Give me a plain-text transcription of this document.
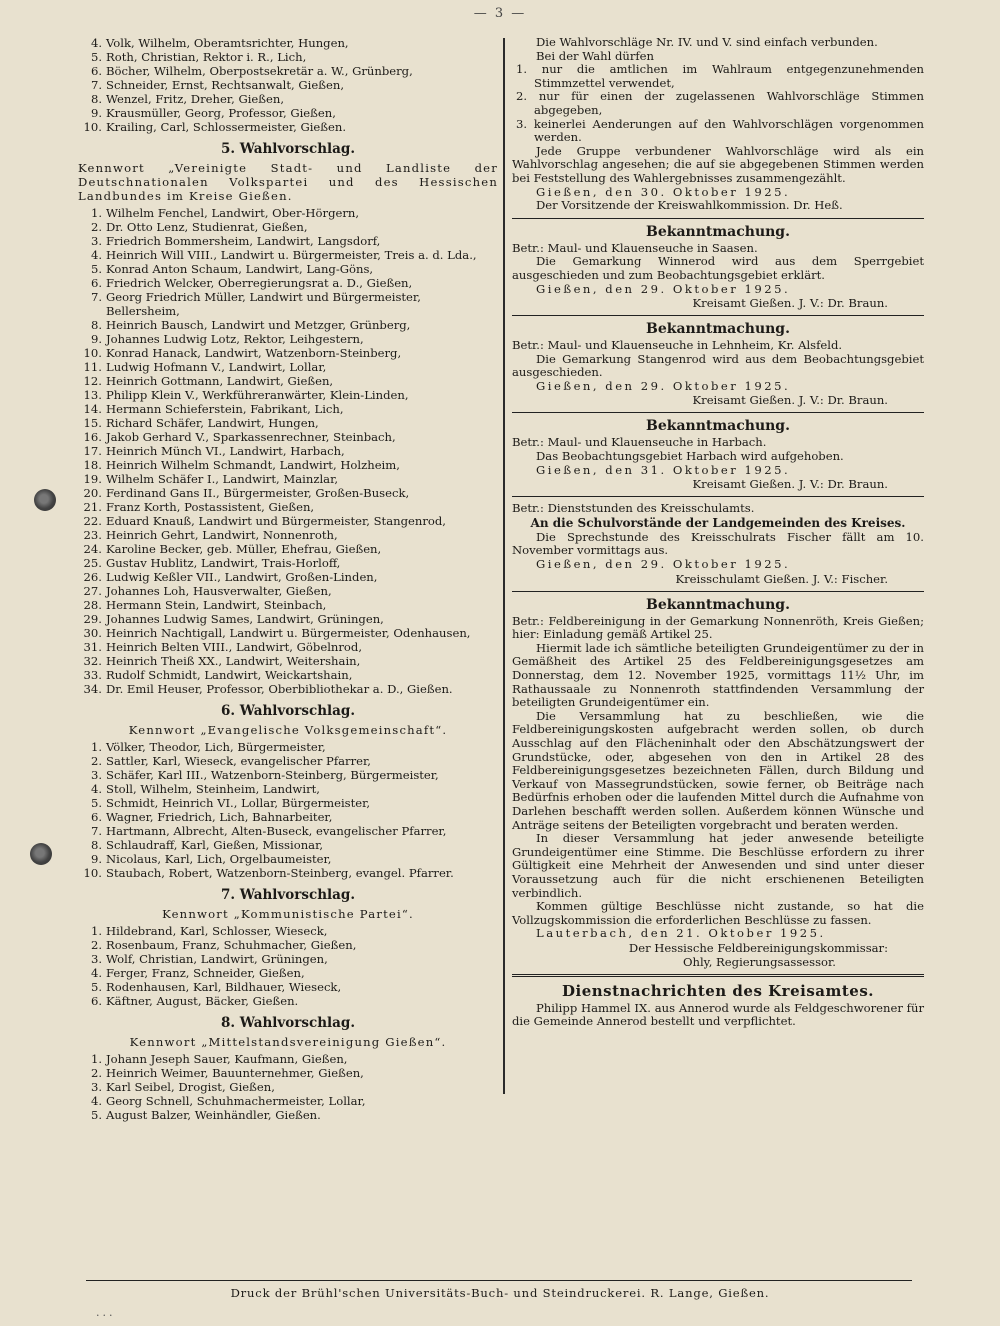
— 3 —
4. Volk, Wilhelm, Oberamtsrichter, Hungen,
5. Roth, Christian, Rektor i. R., Lich,
6. Böcher, Wilhelm, Oberpostsekretär a. W., Grünberg,
7. Schneider, Ernst, Rechtsanwalt, Gießen,
8. Wenzel, Fritz, Dreher, Gießen,
9. Krausmüller, Georg, Professor, Gießen,
10. Krailing, Carl, Schlossermeister, Gießen.
5. Wahlvorschlag.
Kennwort „Vereinigte Stadt- und Landliste der Deutschnationalen Volkspartei und des Hessischen Landbundes im Kreise Gießen.
1. Wilhelm Fenchel, Landwirt, Ober-Hörgern,
2. Dr. Otto Lenz, Studienrat, Gießen,
3. Friedrich Bommersheim, Landwirt, Langsdorf,
4. Heinrich Will VIII., Landwirt u. Bürgermeister, Treis a. d. Lda.,
5. Konrad Anton Schaum, Landwirt, Lang-Göns,
6. Friedrich Welcker, Oberregierungsrat a. D., Gießen,
7. Georg Friedrich Müller, Landwirt und Bürgermeister, Bellersheim,
8. Heinrich Bausch, Landwirt und Metzger, Grünberg,
9. Johannes Ludwig Lotz, Rektor, Leihgestern,
10. Konrad Hanack, Landwirt, Watzenborn-Steinberg,
11. Ludwig Hofmann V., Landwirt, Lollar,
12. Heinrich Gottmann, Landwirt, Gießen,
13. Philipp Klein V., Werkführeranwärter, Klein-Linden,
14. Hermann Schieferstein, Fabrikant, Lich,
15. Richard Schäfer, Landwirt, Hungen,
16. Jakob Gerhard V., Sparkassenrechner, Steinbach,
17. Heinrich Münch VI., Landwirt, Harbach,
18. Heinrich Wilhelm Schmandt, Landwirt, Holzheim,
19. Wilhelm Schäfer I., Landwirt, Mainzlar,
20. Ferdinand Gans II., Bürgermeister, Großen-Buseck,
21. Franz Korth, Postassistent, Gießen,
22. Eduard Knauß, Landwirt und Bürgermeister, Stangenrod,
23. Heinrich Gehrt, Landwirt, Nonnenroth,
24. Karoline Becker, geb. Müller, Ehefrau, Gießen,
25. Gustav Hublitz, Landwirt, Trais-Horloff,
26. Ludwig Keßler VII., Landwirt, Großen-Linden,
27. Johannes Loh, Hausverwalter, Gießen,
28. Hermann Stein, Landwirt, Steinbach,
29. Johannes Ludwig Sames, Landwirt, Grüningen,
30. Heinrich Nachtigall, Landwirt u. Bürgermeister, Odenhausen,
31. Heinrich Belten VIII., Landwirt, Göbelnrod,
32. Heinrich Theiß XX., Landwirt, Weitershain,
33. Rudolf Schmidt, Landwirt, Weickartshain,
34. Dr. Emil Heuser, Professor, Oberbibliothekar a. D., Gießen.
6. Wahlvorschlag.
Kennwort „Evangelische Volksgemeinschaft“.
1. Völker, Theodor, Lich, Bürgermeister,
2. Sattler, Karl, Wieseck, evangelischer Pfarrer,
3. Schäfer, Karl III., Watzenborn-Steinberg, Bürgermeister,
4. Stoll, Wilhelm, Steinheim, Landwirt,
5. Schmidt, Heinrich VI., Lollar, Bürgermeister,
6. Wagner, Friedrich, Lich, Bahnarbeiter,
7. Hartmann, Albrecht, Alten-Buseck, evangelischer Pfarrer,
8. Schlaudraff, Karl, Gießen, Missionar,
9. Nicolaus, Karl, Lich, Orgelbaumeister,
10. Staubach, Robert, Watzenborn-Steinberg, evangel. Pfarrer.
7. Wahlvorschlag.
Kennwort „Kommunistische Partei“.
1. Hildebrand, Karl, Schlosser, Wieseck,
2. Rosenbaum, Franz, Schuhmacher, Gießen,
3. Wolf, Christian, Landwirt, Grüningen,
4. Ferger, Franz, Schneider, Gießen,
5. Rodenhausen, Karl, Bildhauer, Wieseck,
6. Käftner, August, Bäcker, Gießen.
8. Wahlvorschlag.
Kennwort „Mittelstandsvereinigung Gießen“.
1. Johann Jeseph Sauer, Kaufmann, Gießen,
2. Heinrich Weimer, Bauunternehmer, Gießen,
3. Karl Seibel, Drogist, Gießen,
4. Georg Schnell, Schuhmachermeister, Lollar,
5. August Balzer, Weinhändler, Gießen.

Die Wahlvorschläge Nr. IV. und V. sind einfach verbunden.

Bei der Wahl dürfen

1. nur die amtlichen im Wahlraum entgegenzunehmenden Stimmzettel verwendet,

2. nur für einen der zugelassenen Wahlvorschläge Stimmen abgegeben,

3. keinerlei Aenderungen auf den Wahlvorschlägen vorgenommen werden.

Jede Gruppe verbundener Wahlvorschläge wird als ein Wahlvorschlag angesehen; die auf sie abgegebenen Stimmen werden bei Feststellung des Wahlergebnisses zusammengezählt.

Gießen, den 30. Oktober 1925.

Der Vorsitzende der Kreiswahlkommission. Dr. Heß.

Bekanntmachung.

Betr.: Maul- und Klauenseuche in Saasen.

Die Gemarkung Winnerod wird aus dem Sperrgebiet ausgeschieden und zum Beobachtungsgebiet erklärt.

Gießen, den 29. Oktober 1925.

Kreisamt Gießen. J. V.: Dr. Braun.
Bekanntmachung.

Betr.: Maul- und Klauenseuche in Lehnheim, Kr. Alsfeld.

Die Gemarkung Stangenrod wird aus dem Beobachtungsgebiet ausgeschieden.

Gießen, den 29. Oktober 1925.

Kreisamt Gießen. J. V.: Dr. Braun.
Bekanntmachung.

Betr.: Maul- und Klauenseuche in Harbach.

Das Beobachtungsgebiet Harbach wird aufgehoben.

Gießen, den 31. Oktober 1925.

Kreisamt Gießen. J. V.: Dr. Braun.

Betr.: Dienststunden des Kreisschulamts.

An die Schulvorstände der Landgemeinden des Kreises.

Die Sprechstunde des Kreisschulrats Fischer fällt am 10. November vormittags aus.

Gießen, den 29. Oktober 1925.

Kreisschulamt Gießen. J. V.: Fischer.
Bekanntmachung.

Betr.: Feldbereinigung in der Gemarkung Nonnenröth, Kreis Gießen; hier: Einladung gemäß Artikel 25.

Hiermit lade ich sämtliche beteiligten Grundeigentümer zu der in Gemäßheit des Artikel 25 des Feldbereinigungsgesetzes am Donnerstag, dem 12. November 1925, vormittags 11½ Uhr, im Rathaussaale zu Nonnenroth stattfindenden Versammlung der beteiligten Grundeigentümer ein.

Die Versammlung hat zu beschließen, wie die Feldbereinigungskosten aufgebracht werden sollen, ob durch Ausschlag auf den Flächeninhalt oder den Abschätzungswert der Grundstücke, oder, abgesehen von den in Artikel 28 des Feldbereinigungsgesetzes bezeichneten Fällen, durch Bildung und Verkauf von Massegrundstücken, sowie ferner, ob Beiträge nach Bedürfnis erhoben oder die laufenden Mittel durch die Aufnahme von Darlehen beschafft werden sollen. Außerdem können Wünsche und Anträge seitens der Beteiligten vorgebracht und beraten werden.

In dieser Versammlung hat jeder anwesende beteiligte Grundeigentümer eine Stimme. Die Beschlüsse erfordern zu ihrer Gültigkeit eine Mehrheit der Anwesenden und sind unter dieser Voraussetzung auch für die nicht erschienenen Beteiligten verbindlich.

Kommen gültige Beschlüsse nicht zustande, so hat die Vollzugskommission die erforderlichen Beschlüsse zu fassen.

Lauterbach, den 21. Oktober 1925.

Der Hessische Feldbereinigungskommissar:
Ohly, Regierungsassessor.
Dienstnachrichten des Kreisamtes.

Philipp Hammel IX. aus Annerod wurde als Feldgeschworener für die Gemeinde Annerod bestellt und verpflichtet.

Druck der Brühl'schen Universitäts-Buch- und Steindruckerei. R. Lange, Gießen.
...
